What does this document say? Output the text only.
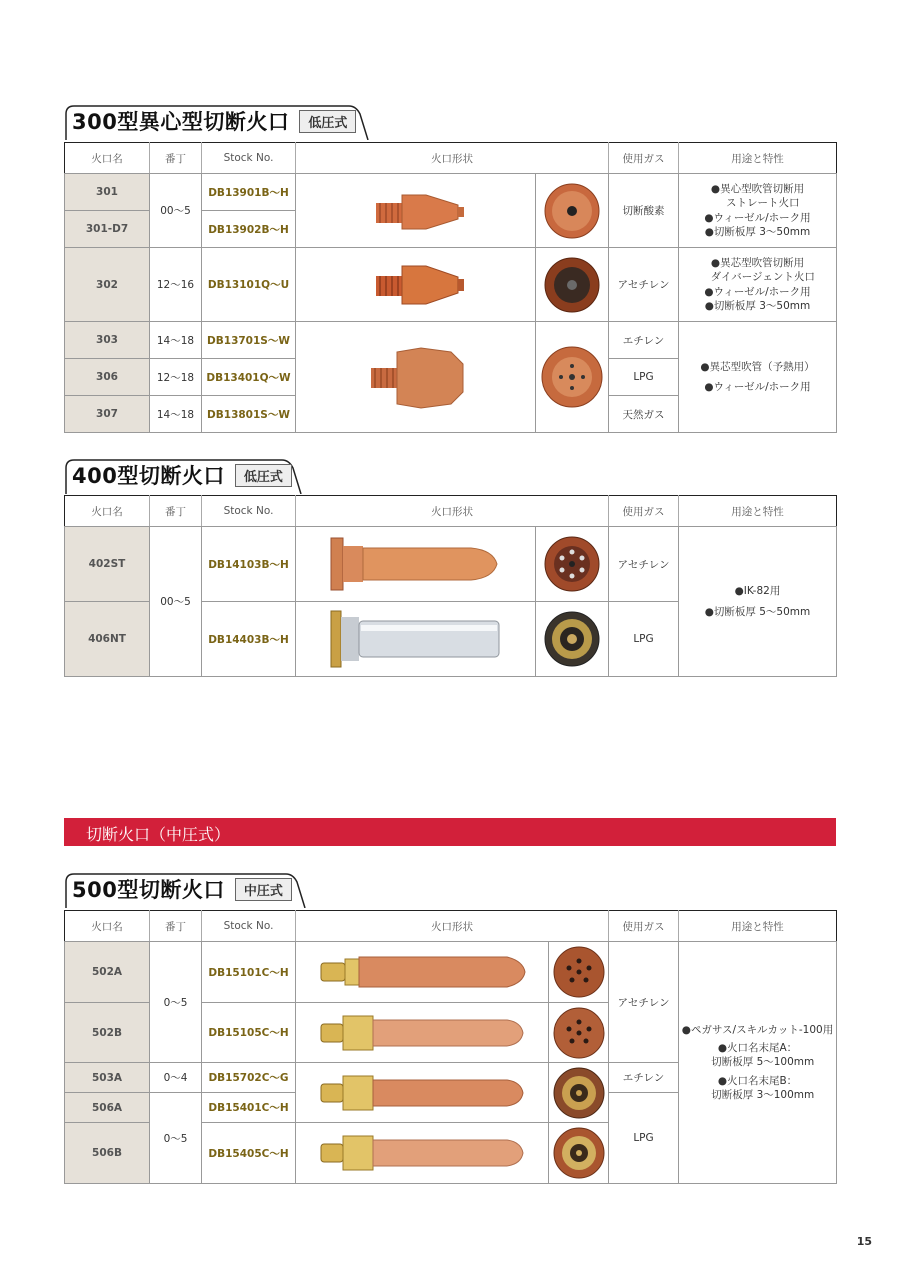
300型異心型切断火口	低圧式
火口名	番丁	Stock No.	火口形状		使用ガス	用途と特性
301	00〜5	DB13901B〜H			切断酸素	●異心型吹管切断用
　ストレート火口
●ウィーゼル/ホーク用
●切断板厚 3〜50mm

301-D7		DB13902B〜H				
302	12〜16	DB13101Q〜U			アセチレン	●異芯型吹管切断用
　ダイバージェント火口
●ウィーゼル/ホーク用
●切断板厚 3〜50mm

303	14〜18	DB13701S〜W			エチレン	●異芯型吹管（予熱用）
●ウィーゼル/ホーク用

306	12〜18	DB13401Q〜W			LPG	
307	14〜18	DB13801S〜W			天然ガス	
400型切断火口	低圧式
火口名	番丁	Stock No.	火口形状		使用ガス	用途と特性
402ST	00〜5	DB14103B〜H			アセチレン	●IK-82用
●切断板厚 5〜50mm

406NT		DB14403B〜H			LPG	
切断火口（中圧式）
500型切断火口	中圧式
火口名	番丁	Stock No.	火口形状		使用ガス	用途と特性
502A	0〜5	DB15101C〜H			アセチレン	●ペガサス/スキルカット-100用
●火口名末尾A：
　切断板厚 5〜100mm
●火口名末尾B：
　切断板厚 3〜100mm

502B		DB15105C〜H	

503A	0〜4	DB15702C〜G			エチレン	
506A	0〜5	DB15401C〜H			LPG	
506B		DB15405C〜H	

15
